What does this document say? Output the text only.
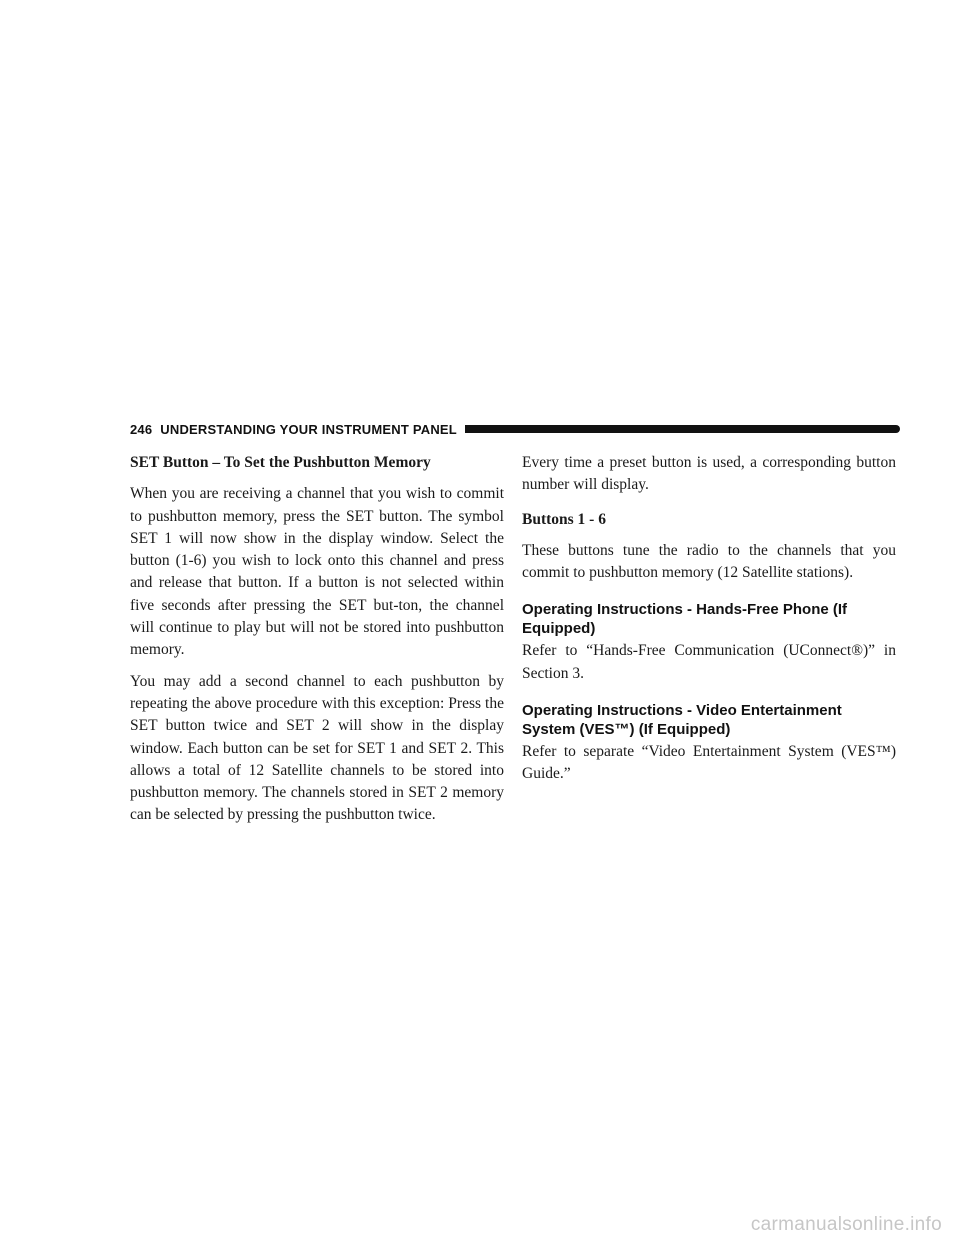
246 UNDERSTANDING YOUR INSTRUMENT PANEL

SET Button – To Set the Pushbutton Memory

When you are receiving a channel that you wish to commit to pushbutton memory, press the SET button. The symbol SET 1 will now show in the display window. Select the button (1-6) you wish to lock onto this channel and press and release that button. If a button is not selected within five seconds after pressing the SET but-ton, the channel will continue to play but will not be stored into pushbutton memory.

You may add a second channel to each pushbutton by repeating the above procedure with this exception: Press the SET button twice and SET 2 will show in the display window. Each button can be set for SET 1 and SET 2. This allows a total of 12 Satellite channels to be stored into pushbutton memory. The channels stored in SET 2 memory can be selected by pressing the pushbutton twice.

Every time a preset button is used, a corresponding button number will display.

Buttons 1 - 6

These buttons tune the radio to the channels that you commit to pushbutton memory (12 Satellite stations).

Operating Instructions - Hands-Free Phone (If Equipped)

Refer to “Hands-Free Communication (UConnect®)” in Section 3.

Operating Instructions - Video Entertainment System (VES™) (If Equipped)

Refer to separate “Video Entertainment System (VES™) Guide.”

carmanualsonline.info
